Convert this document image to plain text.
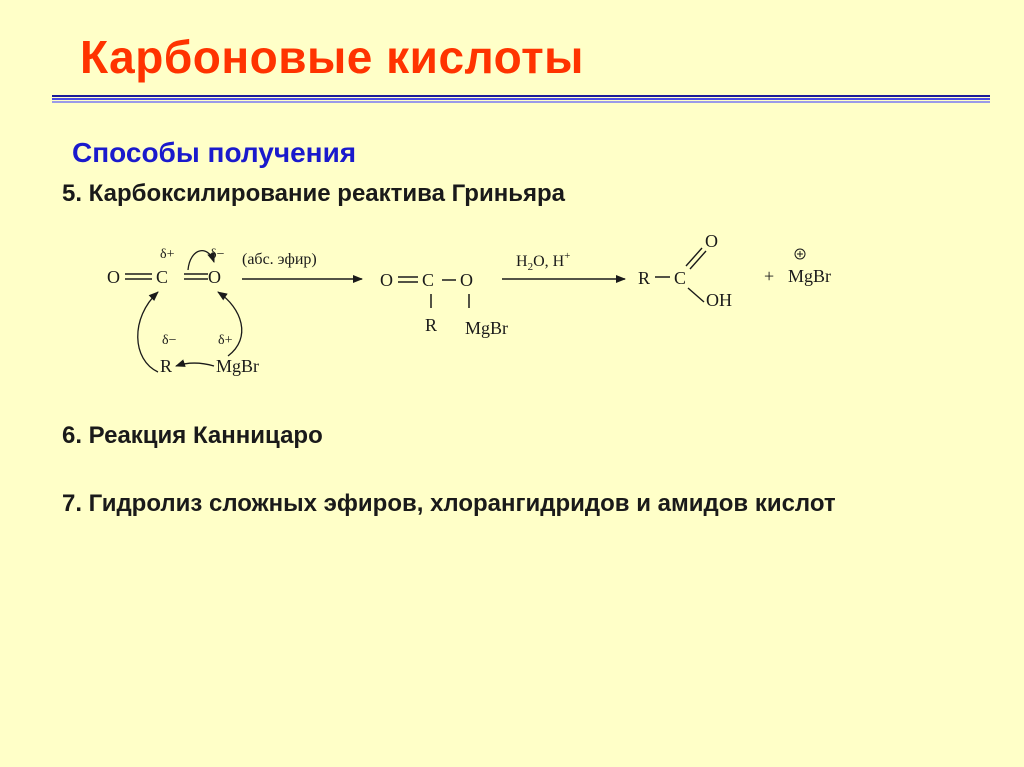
Карбоновые кислоты
Способы получения
5. Карбоксилирование реактива Гриньяра
6. Реакция Канницаро
7. Гидролиз сложных эфиров, хлорангидридов и амидов кислот
O C O
δ+	δ−
δ−	δ+
R MgBr
(абс. эфир)
O C O
R MgBr
$H_2O$, H+
R C
O
OH
+ MgBr
